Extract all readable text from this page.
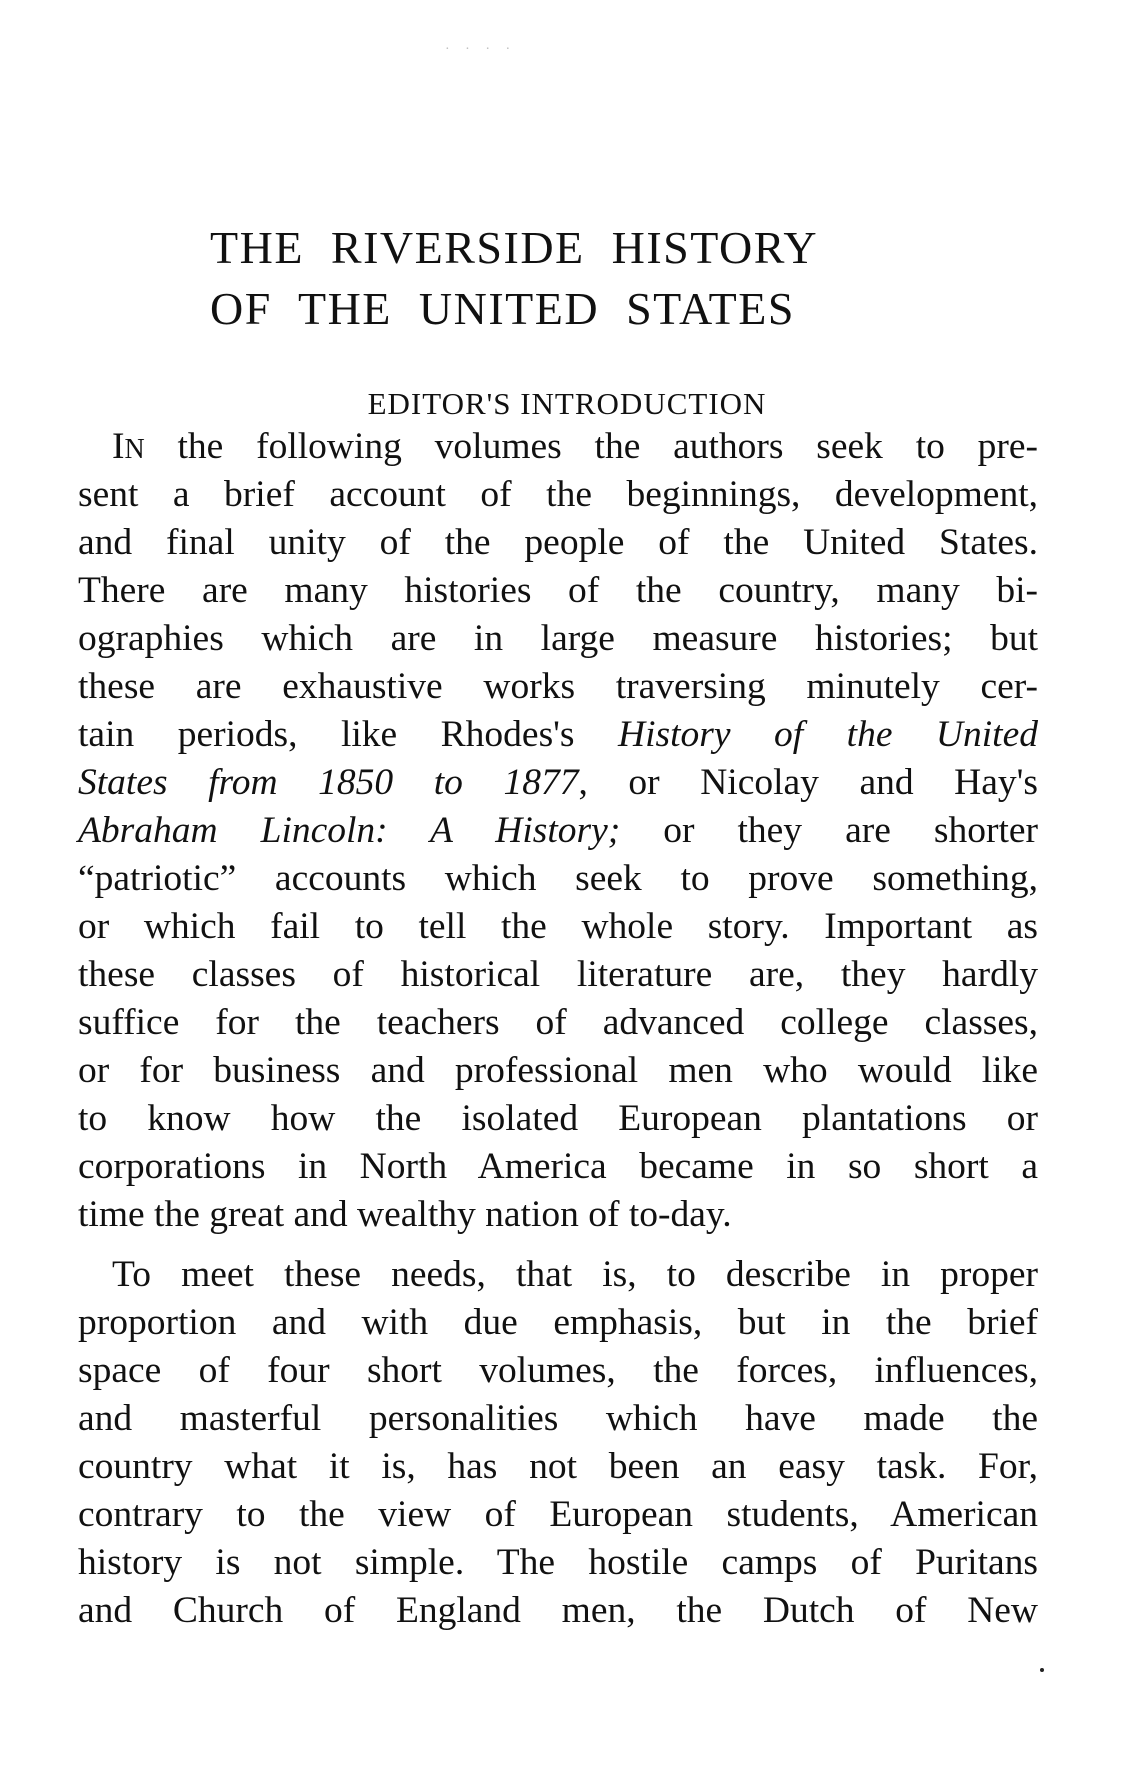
· · · ·
THE RIVERSIDE HISTORY
OF THE UNITED STATES
EDITOR'S INTRODUCTION
IN the following volumes the authors seek to pre-
sent a brief account of the beginnings, development,
and final unity of the people of the United States.
There are many histories of the country, many bi-
ographies which are in large measure histories; but
these are exhaustive works traversing minutely cer-
tain periods, like Rhodes's History of the United
States from 1850 to 1877, or Nicolay and Hay's
Abraham Lincoln: A History; or they are shorter
“patriotic” accounts which seek to prove something,
or which fail to tell the whole story. Important as
these classes of historical literature are, they hardly
suffice for the teachers of advanced college classes,
or for business and professional men who would like
to know how the isolated European plantations or
corporations in North America became in so short a
time the great and wealthy nation of to-day.
To meet these needs, that is, to describe in proper
proportion and with due emphasis, but in the brief
space of four short volumes, the forces, influences,
and masterful personalities which have made the
country what it is, has not been an easy task. For,
contrary to the view of European students, American
history is not simple. The hostile camps of Puritans
and Church of England men, the Dutch of New
